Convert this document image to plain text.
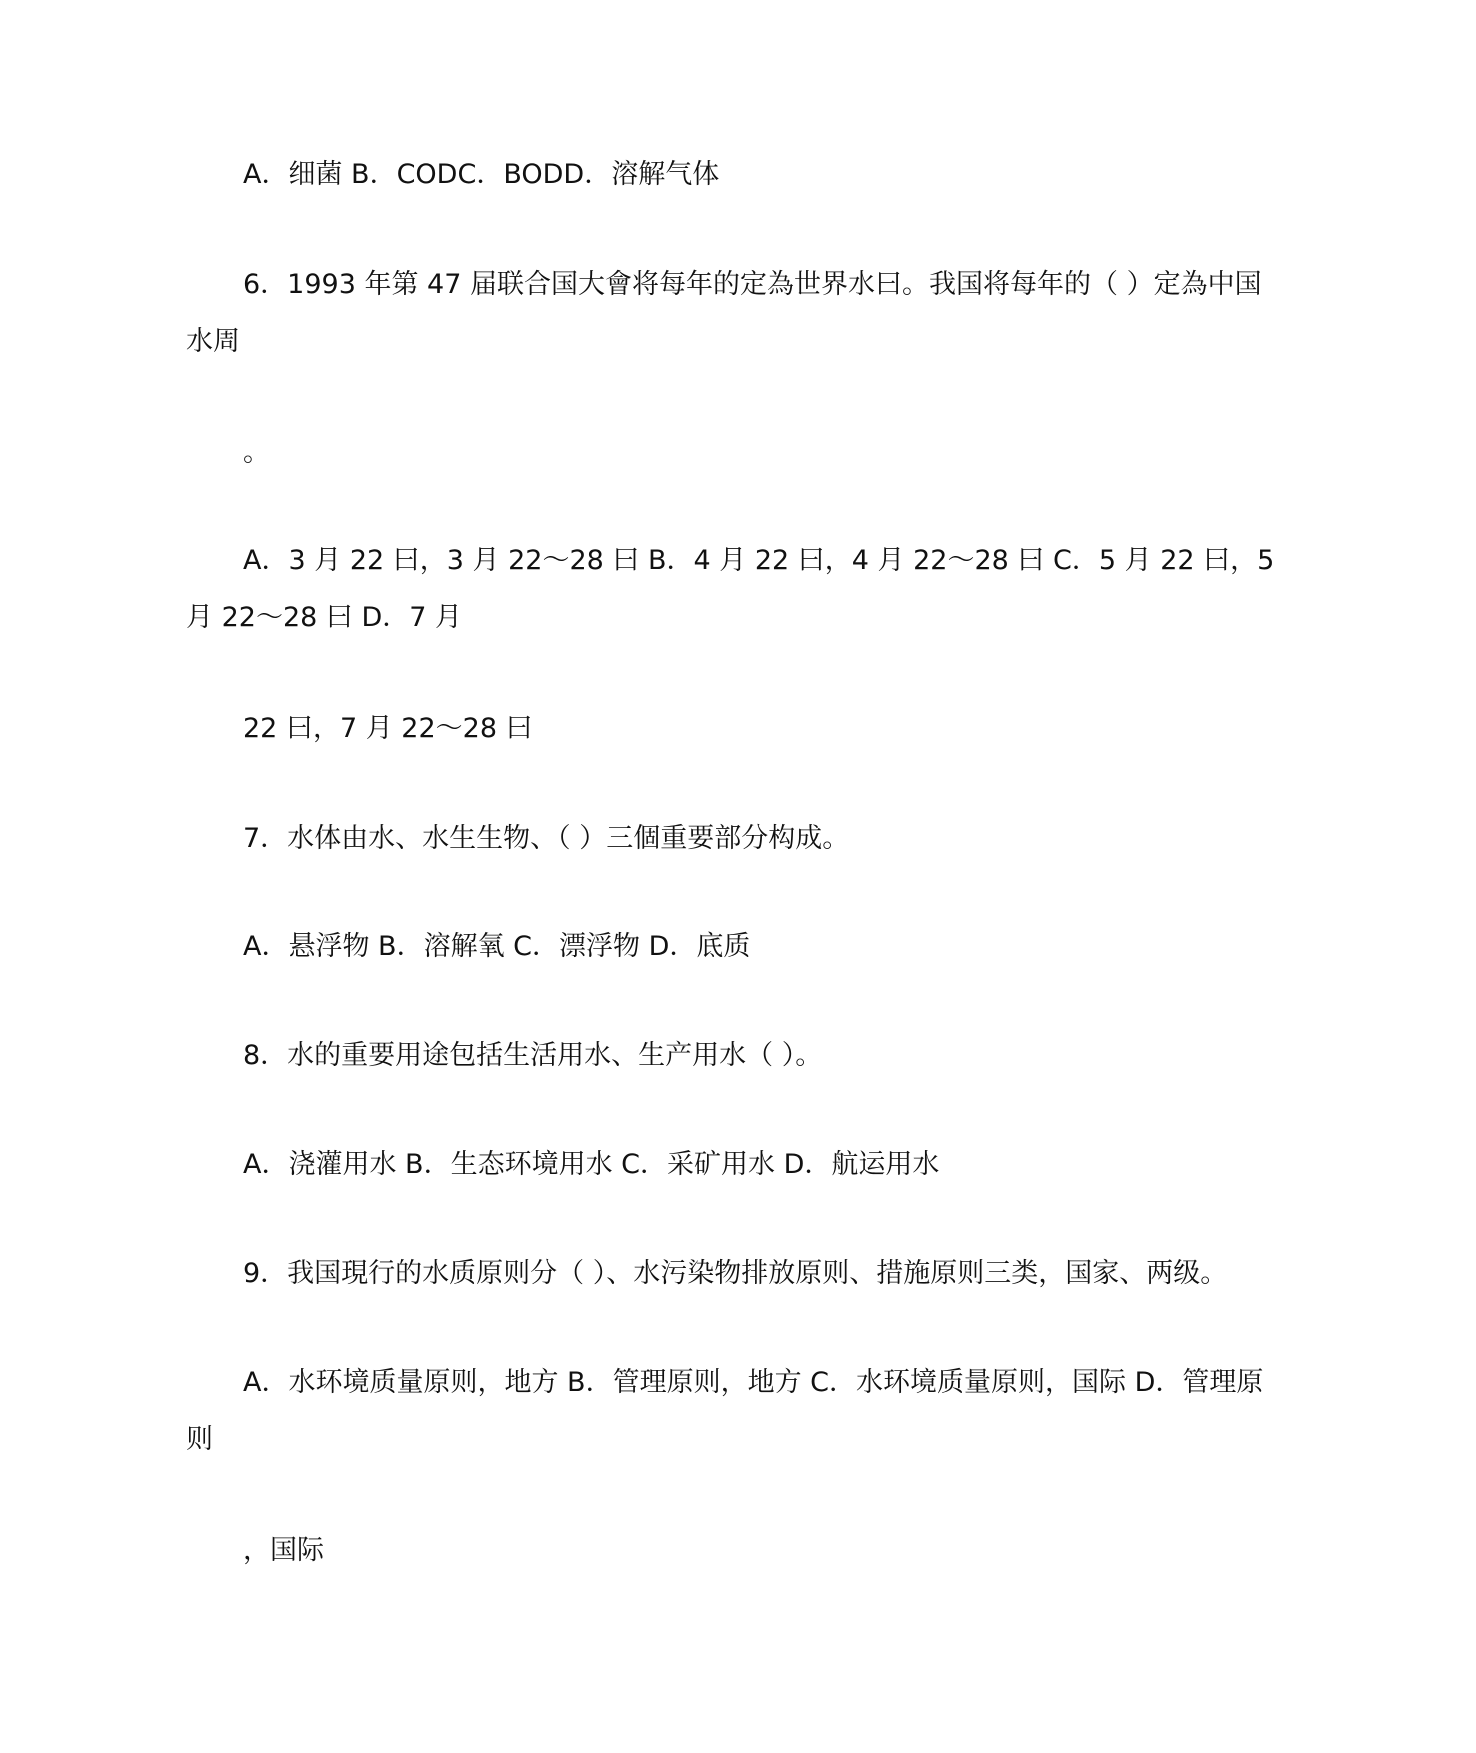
A．细菌 B．CODC．BODD．溶解气体

6．1993 年第 47 届联合国大會将每年的定為世界水曰。我国将每年的（ ）定為中国水周

。

A．3 月 22 曰，3 月 22～28 曰 B．4 月 22 曰，4 月 22～28 曰 C．5 月 22 曰，5 月 22～28 曰 D．7 月

22 曰，7 月 22～28 曰

7．水体由水、水生生物、（ ）三個重要部分构成。

A．悬浮物 B．溶解氧 C．漂浮物 D．底质

8．水的重要用途包括生活用水、生产用水（ ）。

A．浇灌用水 B．生态环境用水 C．采矿用水 D．航运用水

9．我国現行的水质原则分（ ）、水污染物排放原则、措施原则三类，国家、两级。

A．水环境质量原则，地方 B．管理原则，地方 C．水环境质量原则，国际 D．管理原则

，国际
